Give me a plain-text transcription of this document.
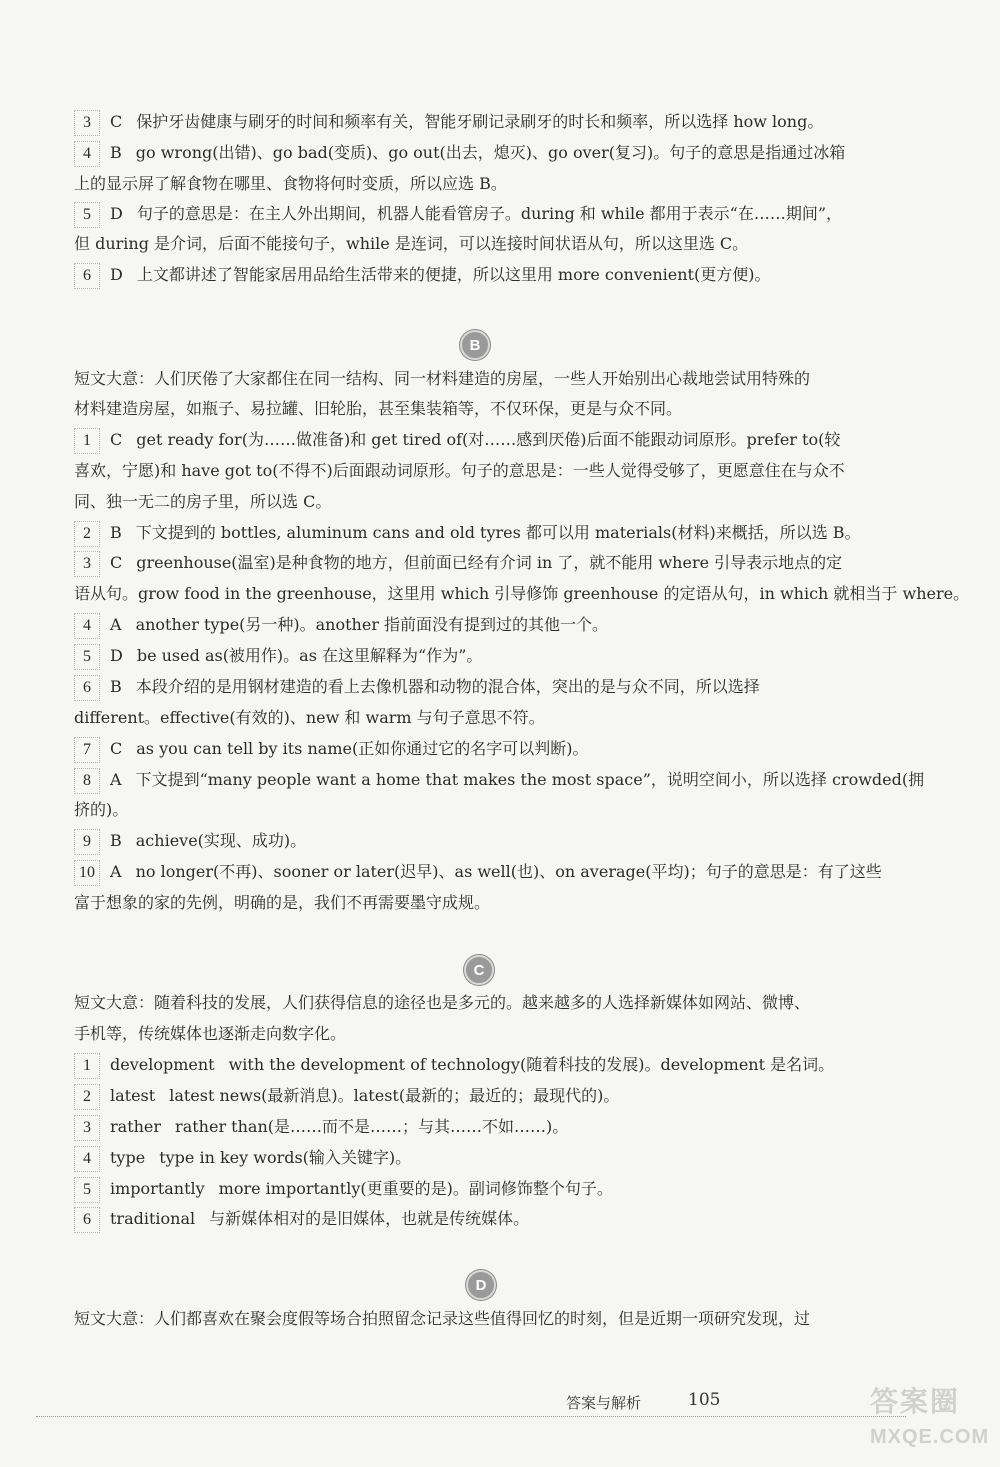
3 C 保护牙齿健康与刷牙的时间和频率有关，智能牙刷记录刷牙的时长和频率，所以选择 how long。
4 B go wrong(出错)、go bad(变质)、go out(出去，熄灭)、go over(复习)。句子的意思是指通过冰箱
上的显示屏了解食物在哪里、食物将何时变质，所以应选 B。
5 D 句子的意思是：在主人外出期间，机器人能看管房子。during 和 while 都用于表示“在……期间”，
但 during 是介词，后面不能接句子，while 是连词，可以连接时间状语从句，所以这里选 C。
6 D 上文都讲述了智能家居用品给生活带来的便捷，所以这里用 more convenient(更方便)。
B
短文大意：人们厌倦了大家都住在同一结构、同一材料建造的房屋，一些人开始别出心裁地尝试用特殊的
材料建造房屋，如瓶子、易拉罐、旧轮胎，甚至集装箱等，不仅环保，更是与众不同。
1 C get ready for(为……做准备)和 get tired of(对……感到厌倦)后面不能跟动词原形。prefer to(较
喜欢，宁愿)和 have got to(不得不)后面跟动词原形。句子的意思是：一些人觉得受够了，更愿意住在与众不
同、独一无二的房子里，所以选 C。
2 B 下文提到的 bottles, aluminum cans and old tyres 都可以用 materials(材料)来概括，所以选 B。
3 C greenhouse(温室)是种食物的地方，但前面已经有介词 in 了，就不能用 where 引导表示地点的定
语从句。grow food in the greenhouse，这里用 which 引导修饰 greenhouse 的定语从句，in which 就相当于 where。
4 A another type(另一种)。another 指前面没有提到过的其他一个。
5 D be used as(被用作)。as 在这里解释为“作为”。
6 B 本段介绍的是用钢材建造的看上去像机器和动物的混合体，突出的是与众不同，所以选择
different。effective(有效的)、new 和 warm 与句子意思不符。
7 C as you can tell by its name(正如你通过它的名字可以判断)。
8 A 下文提到“many people want a home that makes the most space”，说明空间小，所以选择 crowded(拥
挤的)。
9 B achieve(实现、成功)。
10 A no longer(不再)、sooner or later(迟早)、as well(也)、on average(平均)；句子的意思是：有了这些
富于想象的家的先例，明确的是，我们不再需要墨守成规。
C
短文大意：随着科技的发展，人们获得信息的途径也是多元的。越来越多的人选择新媒体如网站、微博、
手机等，传统媒体也逐渐走向数字化。
1 development with the development of technology(随着科技的发展)。development 是名词。
2 latest latest news(最新消息)。latest(最新的；最近的；最现代的)。
3 rather rather than(是……而不是……；与其……不如……)。
4 type type in key words(输入关键字)。
5 importantly more importantly(更重要的是)。副词修饰整个句子。
6 traditional 与新媒体相对的是旧媒体，也就是传统媒体。
D
短文大意：人们都喜欢在聚会度假等场合拍照留念记录这些值得回忆的时刻，但是近期一项研究发现，过
答案与解析	105	答案圈
MXQE.COM
